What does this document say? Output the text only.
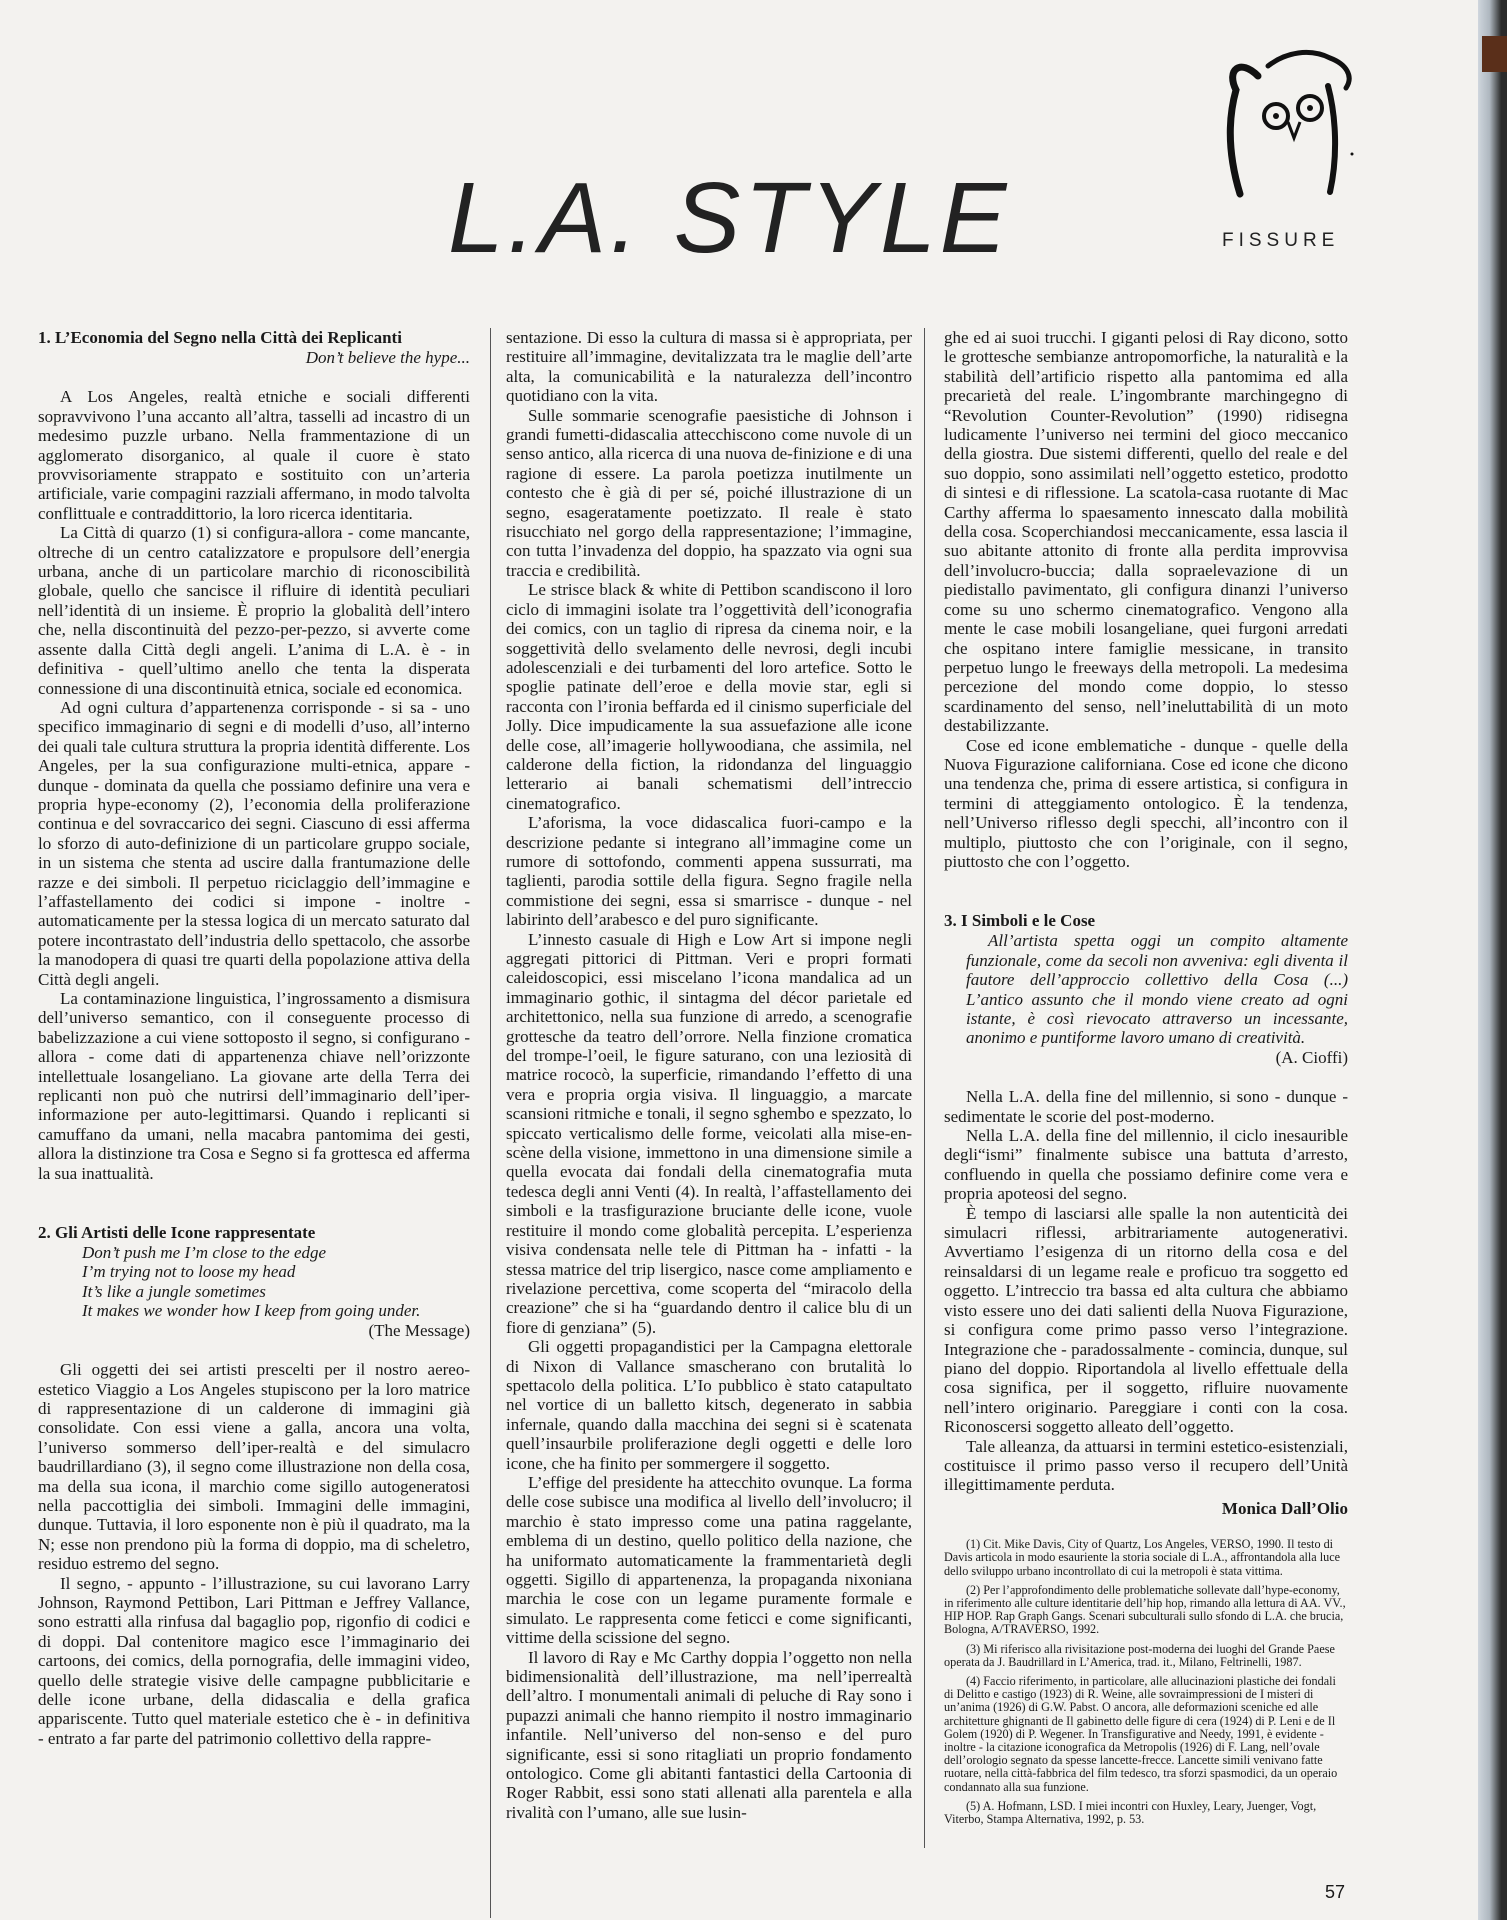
L.A. STYLE	FISSURE
1. L’Economia del Segno nella Città dei Replicanti

Don’t believe the hype...

A Los Angeles, realtà etniche e sociali differenti sopravvivono l’una accanto all’altra, tasselli ad incastro di un medesimo puzzle urbano. Nella frammentazione di un agglomerato disorganico, al quale il cuore è stato provvisoriamente strappato e sostituito con un’arteria artificiale, varie compagini razziali affermano, in modo talvolta conflittuale e contraddittorio, la loro ricerca identitaria.

La Città di quarzo (1) si configura-allora - come mancante, oltreche di un centro catalizzatore e propulsore dell’energia urbana, anche di un particolare marchio di riconoscibilità globale, quello che sancisce il rifluire di identità peculiari nell’identità di un insieme. È proprio la globalità dell’intero che, nella discontinuità del pezzo-per-pezzo, si avverte come assente dalla Città degli angeli. L’anima di L.A. è - in definitiva - quell’ultimo anello che tenta la disperata connessione di una discontinuità etnica, sociale ed economica.

Ad ogni cultura d’appartenenza corrisponde - si sa - uno specifico immaginario di segni e di modelli d’uso, all’interno dei quali tale cultura struttura la propria identità differente. Los Angeles, per la sua configurazione multi-etnica, appare - dunque - dominata da quella che possiamo definire una vera e propria hype-economy (2), l’economia della proliferazione continua e del sovraccarico dei segni. Ciascuno di essi afferma lo sforzo di auto-definizione di un particolare gruppo sociale, in un sistema che stenta ad uscire dalla frantumazione delle razze e dei simboli. Il perpetuo riciclaggio dell’immagine e l’affastellamento dei codici si impone - inoltre - automaticamente per la stessa logica di un mercato saturato dal potere incontrastato dell’industria dello spettacolo, che assorbe la manodopera di quasi tre quarti della popolazione attiva della Città degli angeli.

La contaminazione linguistica, l’ingrossamento a dismisura dell’universo semantico, con il conseguente processo di babelizzazione a cui viene sottoposto il segno, si configurano - allora - come dati di appartenenza chiave nell’orizzonte intellettuale losangeliano. La giovane arte della Terra dei replicanti non può che nutrirsi dell’immaginario dell’iper-informazione per auto-legittimarsi. Quando i replicanti si camuffano da umani, nella macabra pantomima dei gesti, allora la distinzione tra Cosa e Segno si fa grottesca ed afferma la sua inattualità.

2. Gli Artisti delle Icone rappresentate

Don’t push me I’m close to the edge

I’m trying not to loose my head

It’s like a jungle sometimes

It makes we wonder how I keep from going under.

(The Message)

Gli oggetti dei sei artisti prescelti per il nostro aereo-estetico Viaggio a Los Angeles stupiscono per la loro matrice di rappresentazione di un calderone di immagini già consolidate. Con essi viene a galla, ancora una volta, l’universo sommerso dell’iper-realtà e del simulacro baudrillardiano (3), il segno come illustrazione non della cosa, ma della sua icona, il marchio come sigillo autogeneratosi nella paccottiglia dei simboli. Immagini delle immagini, dunque. Tuttavia, il loro esponente non è più il quadrato, ma la N; esse non prendono più la forma di doppio, ma di scheletro, residuo estremo del segno.

Il segno, - appunto - l’illustrazione, su cui lavorano Larry Johnson, Raymond Pettibon, Lari Pittman e Jeffrey Vallance, sono estratti alla rinfusa dal bagaglio pop, rigonfio di codici e di doppi. Dal contenitore magico esce l’immaginario dei cartoons, dei comics, della pornografia, delle immagini video, quello delle strategie visive delle campagne pubblicitarie e delle icone urbane, della didascalia e della grafica appariscente. Tutto quel materiale estetico che è - in definitiva - entrato a far parte del patrimonio collettivo della rappre-

sentazione. Di esso la cultura di massa si è appropriata, per restituire all’immagine, devitalizzata tra le maglie dell’arte alta, la comunicabilità e la naturalezza dell’incontro quotidiano con la vita.

Sulle sommarie scenografie paesistiche di Johnson i grandi fumetti-didascalia attecchiscono come nuvole di un senso antico, alla ricerca di una nuova de-finizione e di una ragione di essere. La parola poetizza inutilmente un contesto che è già di per sé, poiché illustrazione di un segno, esageratamente poetizzato. Il reale è stato risucchiato nel gorgo della rappresentazione; l’immagine, con tutta l’invadenza del doppio, ha spazzato via ogni sua traccia e credibilità.

Le strisce black & white di Pettibon scandiscono il loro ciclo di immagini isolate tra l’oggettività dell’iconografia dei comics, con un taglio di ripresa da cinema noir, e la soggettività dello svelamento delle nevrosi, degli incubi adolescenziali e dei turbamenti del loro artefice. Sotto le spoglie patinate dell’eroe e della movie star, egli si racconta con l’ironia beffarda ed il cinismo superficiale del Jolly. Dice impudicamente la sua assuefazione alle icone delle cose, all’imagerie hollywoodiana, che assimila, nel calderone della fiction, la ridondanza del linguaggio letterario ai banali schematismi dell’intreccio cinematografico.

L’aforisma, la voce didascalica fuori-campo e la descrizione pedante si integrano all’immagine come un rumore di sottofondo, commenti appena sussurrati, ma taglienti, parodia sottile della figura. Segno fragile nella commistione dei segni, essa si smarrisce - dunque - nel labirinto dell’arabesco e del puro significante.

L’innesto casuale di High e Low Art si impone negli aggregati pittorici di Pittman. Veri e propri formati caleidoscopici, essi miscelano l’icona mandalica ad un immaginario gothic, il sintagma del décor parietale ed architettonico, nella sua funzione di arredo, a scenografie grottesche da teatro dell’orrore. Nella finzione cromatica del trompe-l’oeil, le figure saturano, con una leziosità di matrice rococò, la superficie, rimandando l’effetto di una vera e propria orgia visiva. Il linguaggio, a marcate scansioni ritmiche e tonali, il segno sghembo e spezzato, lo spiccato verticalismo delle forme, veicolati alla mise-en-scène della visione, immettono in una dimensione simile a quella evocata dai fondali della cinematografia muta tedesca degli anni Venti (4). In realtà, l’affastellamento dei simboli e la trasfigurazione bruciante delle icone, vuole restituire il mondo come globalità percepita. L’esperienza visiva condensata nelle tele di Pittman ha - infatti - la stessa matrice del trip lisergico, nasce come ampliamento e rivelazione percettiva, come scoperta del “miracolo della creazione” che si ha “guardando dentro il calice blu di un fiore di genziana” (5).

Gli oggetti propagandistici per la Campagna elettorale di Nixon di Vallance smascherano con brutalità lo spettacolo della politica. L’Io pubblico è stato catapultato nel vortice di un balletto kitsch, degenerato in sabbia infernale, quando dalla macchina dei segni si è scatenata quell’insaurbile proliferazione degli oggetti e delle loro icone, che ha finito per sommergere il soggetto.

L’effige del presidente ha attecchito ovunque. La forma delle cose subisce una modifica al livello dell’involucro; il marchio è stato impresso come una patina raggelante, emblema di un destino, quello politico della nazione, che ha uniformato automaticamente la frammentarietà degli oggetti. Sigillo di appartenenza, la propaganda nixoniana marchia le cose con un legame puramente formale e simulato. Le rappresenta come feticci e come significanti, vittime della scissione del segno.

Il lavoro di Ray e Mc Carthy doppia l’oggetto non nella bidimensionalità dell’illustrazione, ma nell’iperrealtà dell’altro. I monumentali animali di peluche di Ray sono i pupazzi animali che hanno riempito il nostro immaginario infantile. Nell’universo del non-senso e del puro significante, essi si sono ritagliati un proprio fondamento ontologico. Come gli abitanti fantastici della Cartoonia di Roger Rabbit, essi sono stati allenati alla parentela e alla rivalità con l’umano, alle sue lusin-

ghe ed ai suoi trucchi. I giganti pelosi di Ray dicono, sotto le grottesche sembianze antropomorfiche, la naturalità e la stabilità dell’artificio rispetto alla pantomima ed alla precarietà del reale. L’ingombrante marchingegno di “Revolution Counter-Revolution” (1990) ridisegna ludicamente l’universo nei termini del gioco meccanico della giostra. Due sistemi differenti, quello del reale e del suo doppio, sono assimilati nell’oggetto estetico, prodotto di sintesi e di riflessione. La scatola-casa ruotante di Mac Carthy afferma lo spaesamento innescato dalla mobilità della cosa. Scoperchiandosi meccanicamente, essa lascia il suo abitante attonito di fronte alla perdita improvvisa dell’involucro-buccia; dalla sopraelevazione di un piedistallo pavimentato, gli configura dinanzi l’universo come su uno schermo cinematografico. Vengono alla mente le case mobili losangeliane, quei furgoni arredati che ospitano intere famiglie messicane, in transito perpetuo lungo le freeways della metropoli. La medesima percezione del mondo come doppio, lo stesso scardinamento del senso, nell’ineluttabilità di un moto destabilizzante.

Cose ed icone emblematiche - dunque - quelle della Nuova Figurazione californiana. Cose ed icone che dicono una tendenza che, prima di essere artistica, si configura in termini di atteggiamento ontologico. È la tendenza, nell’Universo riflesso degli specchi, all’incontro con il multiplo, piuttosto che con l’originale, con il segno, piuttosto che con l’oggetto.

3. I Simboli e le Cose

All’artista spetta oggi un compito altamente funzionale, come da secoli non avveniva: egli diventa il fautore dell’approccio collettivo della Cosa (...) L’antico assunto che il mondo viene creato ad ogni istante, è così rievocato attraverso un incessante, anonimo e puntiforme lavoro umano di creatività.

(A. Cioffi)

Nella L.A. della fine del millennio, si sono - dunque - sedimentate le scorie del post-moderno.

Nella L.A. della fine del millennio, il ciclo inesaurible degli“ismi” finalmente subisce una battuta d’arresto, confluendo in quella che possiamo definire come vera e propria apoteosi del segno.

È tempo di lasciarsi alle spalle la non autenticità dei simulacri riflessi, arbitrariamente autogenerativi. Avvertiamo l’esigenza di un ritorno della cosa e del reinsaldarsi di un legame reale e proficuo tra soggetto ed oggetto. L’intreccio tra bassa ed alta cultura che abbiamo visto essere uno dei dati salienti della Nuova Figurazione, si configura come primo passo verso l’integrazione. Integrazione che - paradossalmente - comincia, dunque, sul piano del doppio. Riportandola al livello effettuale della cosa significa, per il soggetto, rifluire nuovamente nell’intero originario. Pareggiare i conti con la cosa. Riconoscersi soggetto alleato dell’oggetto.

Tale alleanza, da attuarsi in termini estetico-esistenziali, costituisce il primo passo verso il recupero dell’Unità illegittimamente perduta.

Monica Dall’Olio

(1) Cit. Mike Davis, City of Quartz, Los Angeles, VERSO, 1990. Il testo di Davis articola in modo esauriente la storia sociale di L.A., affrontandola alla luce dello sviluppo urbano incontrollato di cui la metropoli è stata vittima.

(2) Per l’approfondimento delle problematiche sollevate dall’hype-economy, in riferimento alle culture identitarie dell’hip hop, rimando alla lettura di AA. VV., HIP HOP. Rap Graph Gangs. Scenari subculturali sullo sfondo di L.A. che brucia, Bologna, A/TRAVERSO, 1992.

(3) Mi riferisco alla rivisitazione post-moderna dei luoghi del Grande Paese operata da J. Baudrillard in L’America, trad. it., Milano, Feltrinelli, 1987.

(4) Faccio riferimento, in particolare, alle allucinazioni plastiche dei fondali di Delitto e castigo (1923) di R. Weine, alle sovraimpressioni de I misteri di un’anima (1926) di G.W. Pabst. O ancora, alle deformazioni sceniche ed alle architetture ghignanti de Il gabinetto delle figure di cera (1924) di P. Leni e de Il Golem (1920) di P. Wegener. In Transfigurative and Needy, 1991, è evidente - inoltre - la citazione iconografica da Metropolis (1926) di F. Lang, nell’ovale dell’orologio segnato da spesse lancette-frecce. Lancette simili venivano fatte ruotare, nella città-fabbrica del film tedesco, tra sforzi spasmodici, da un operaio condannato alla sua funzione.

(5) A. Hofmann, LSD. I miei incontri con Huxley, Leary, Juenger, Vogt, Viterbo, Stampa Alternativa, 1992, p. 53.

57
